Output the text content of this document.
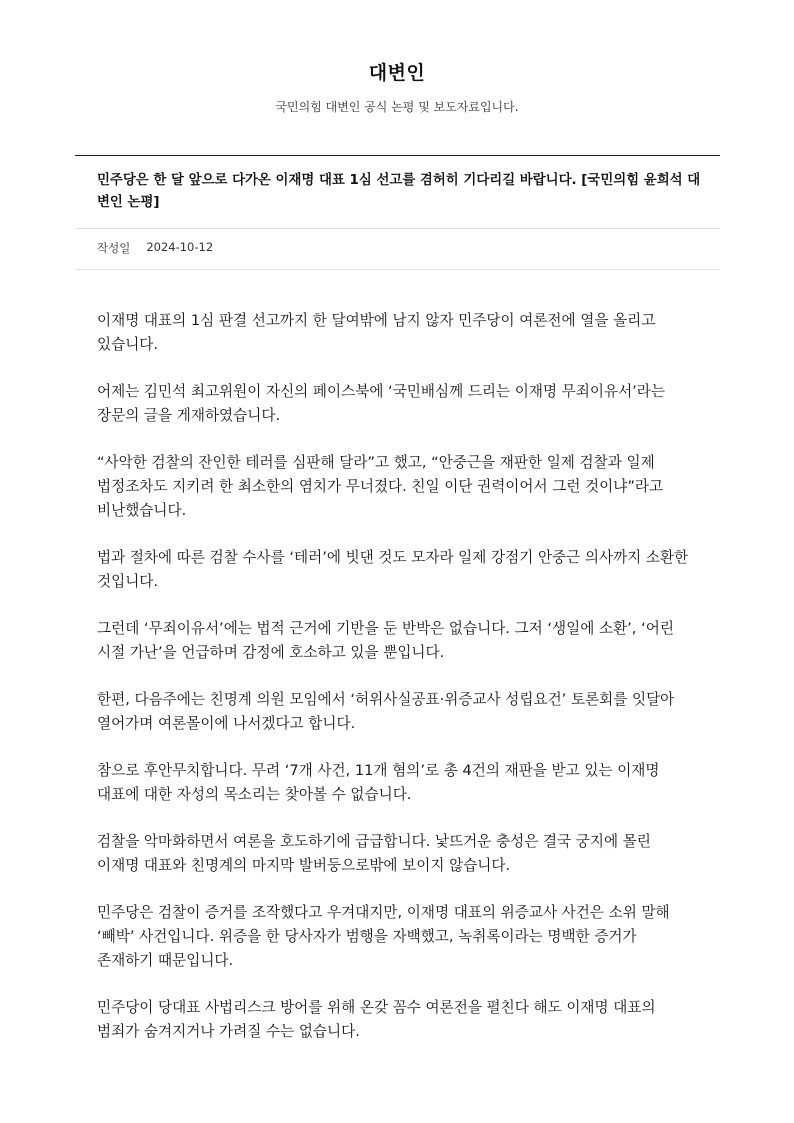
대변인
국민의힘 대변인 공식 논평 및 보도자료입니다.
민주당은 한 달 앞으로 다가온 이재명 대표 1심 선고를 겸허히 기다리길 바랍니다. [국민의힘 윤희석 대변인 논평]
작성일 2024-10-12

이재명 대표의 1심 판결 선고까지 한 달여밖에 남지 않자 민주당이 여론전에 열을 올리고 있습니다.

어제는 김민석 최고위원이 자신의 페이스북에 ‘국민배심께 드리는 이재명 무죄이유서’라는 장문의 글을 게재하였습니다.

“사악한 검찰의 잔인한 테러를 심판해 달라”고 했고, “안중근을 재판한 일제 검찰과 일제 법정조차도 지키려 한 최소한의 염치가 무너졌다. 친일 이단 권력이어서 그런 것이냐”라고 비난했습니다.

법과 절차에 따른 검찰 수사를 ‘테러’에 빗댄 것도 모자라 일제 강점기 안중근 의사까지 소환한 것입니다.

그런데 ‘무죄이유서’에는 법적 근거에 기반을 둔 반박은 없습니다. 그저 ‘생일에 소환’, ‘어린 시절 가난’을 언급하며 감정에 호소하고 있을 뿐입니다.

한편, 다음주에는 친명계 의원 모임에서 ‘허위사실공표·위증교사 성립요건’ 토론회를 잇달아 열어가며 여론몰이에 나서겠다고 합니다.

참으로 후안무치합니다. 무려 ‘7개 사건, 11개 혐의’로 총 4건의 재판을 받고 있는 이재명 대표에 대한 자성의 목소리는 찾아볼 수 없습니다.

검찰을 악마화하면서 여론을 호도하기에 급급합니다. 낯뜨거운 충성은 결국 궁지에 몰린 이재명 대표와 친명계의 마지막 발버둥으로밖에 보이지 않습니다.

민주당은 검찰이 증거를 조작했다고 우겨대지만, 이재명 대표의 위증교사 사건은 소위 말해 ‘빼박’ 사건입니다. 위증을 한 당사자가 범행을 자백했고, 녹취록이라는 명백한 증거가 존재하기 때문입니다.

민주당이 당대표 사법리스크 방어를 위해 온갖 꼼수 여론전을 펼친다 해도 이재명 대표의 범죄가 숨겨지거나 가려질 수는 없습니다.
